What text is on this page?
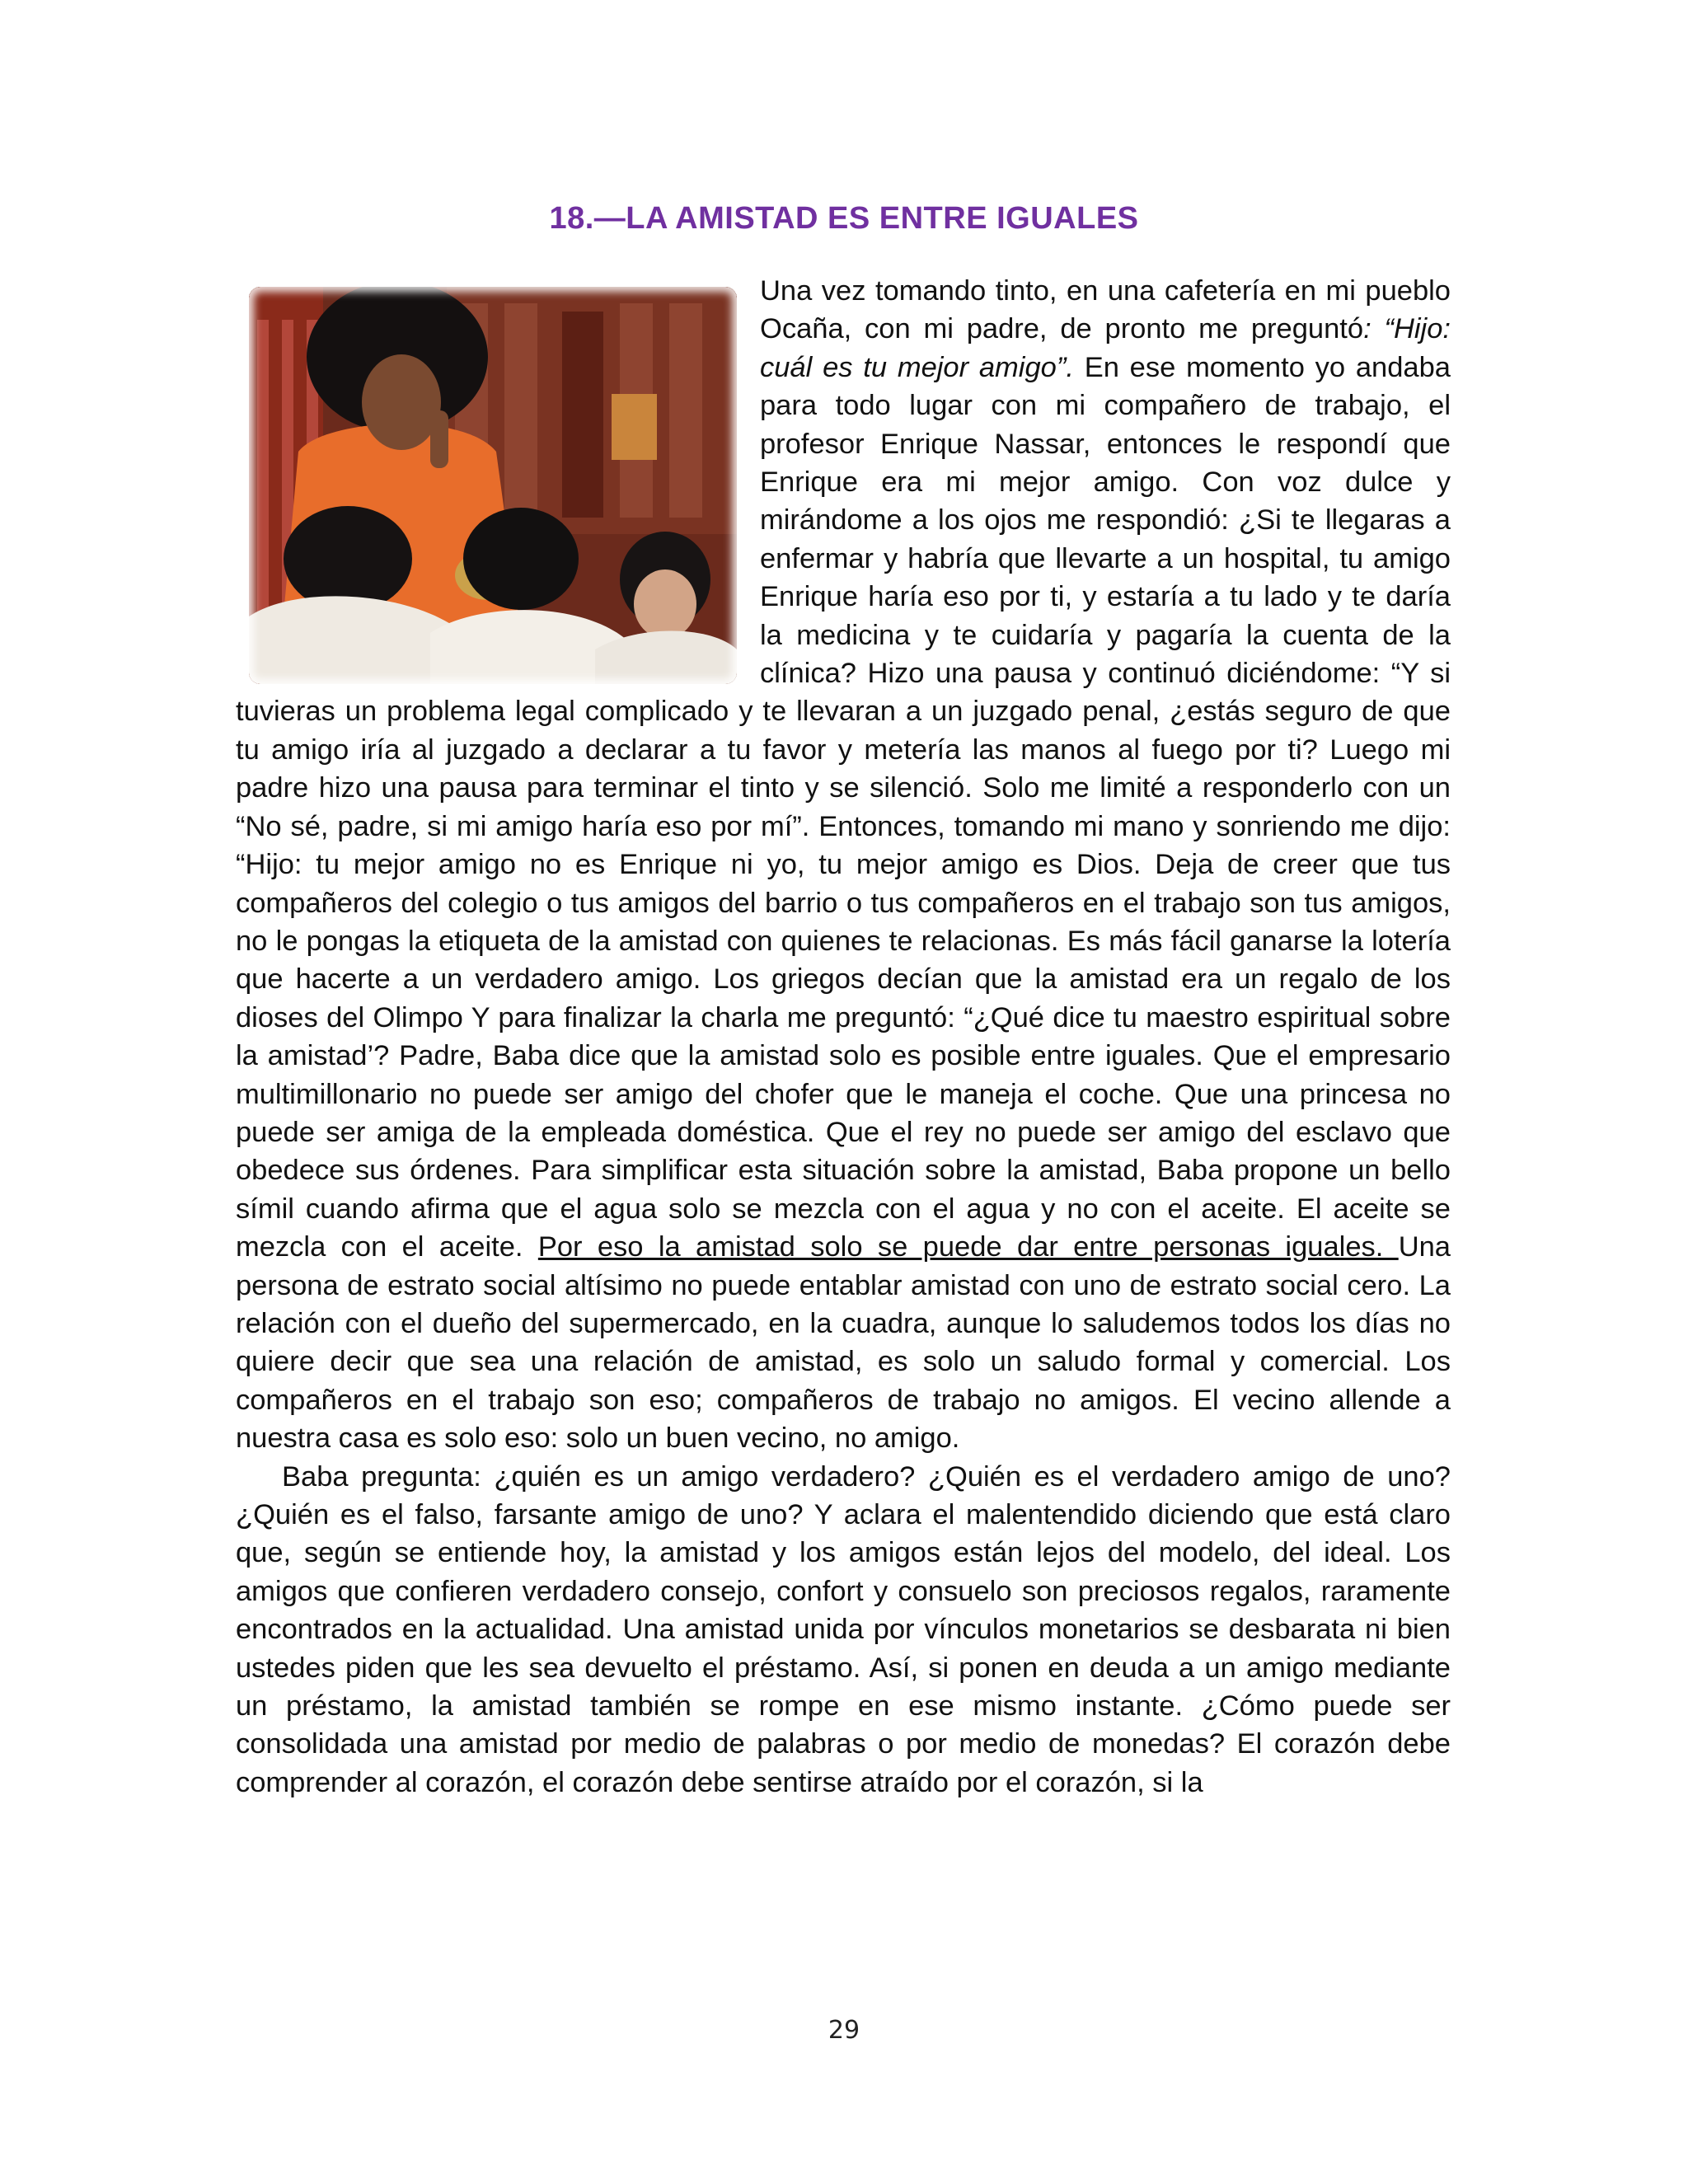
18.—LA AMISTAD ES ENTRE IGUALES

Una vez tomando tinto, en una cafetería en mi pueblo Ocaña, con mi padre, de pronto me preguntó: “Hijo: cuál es tu mejor amigo”. En ese momento yo andaba para todo lugar con mi compañero de trabajo, el profesor Enrique Nassar, entonces le respondí que Enrique era mi mejor amigo. Con voz dulce y mirándome a los ojos me respondió: ¿Si te llegaras a enfermar y habría que llevarte a un hospital, tu amigo Enrique haría eso por ti, y estaría a tu lado y te daría la medicina y te cuidaría y pagaría la cuenta de la clínica? Hizo una pausa y continuó diciéndome: “Y si tuvieras un problema legal complicado y te llevaran a un juzgado penal, ¿estás seguro de que tu amigo iría al juzgado a declarar a tu favor y metería las manos al fuego por ti? Luego mi padre hizo una pausa para terminar el tinto y se silenció. Solo me limité a responderlo con un “No sé, padre, si mi amigo haría eso por mí”. Entonces, tomando mi mano y sonriendo me dijo: “Hijo: tu mejor amigo no es Enrique ni yo, tu mejor amigo es Dios. Deja de creer que tus compañeros del colegio o tus amigos del barrio o tus compañeros en el trabajo son tus amigos, no le pongas la etiqueta de la amistad con quienes te relacionas. Es más fácil ganarse la lotería que hacerte a un verdadero amigo. Los griegos decían que la amistad era un regalo de los dioses del Olimpo Y para finalizar la charla me preguntó: “¿Qué dice tu maestro espiritual sobre la amistad’? Padre, Baba dice que la amistad solo es posible entre iguales. Que el empresario multimillonario no puede ser amigo del chofer que le maneja el coche. Que una princesa no puede ser amiga de la empleada doméstica. Que el rey no puede ser amigo del esclavo que obedece sus órdenes. Para simplificar esta situación sobre la amistad, Baba propone un bello símil cuando afirma que el agua solo se mezcla con el agua y no con el aceite. El aceite se mezcla con el aceite. Por eso la amistad solo se puede dar entre personas iguales. Una persona de estrato social altísimo no puede entablar amistad con uno de estrato social cero. La relación con el dueño del supermercado, en la cuadra, aunque lo saludemos todos los días no quiere decir que sea una relación de amistad, es solo un saludo formal y comercial. Los compañeros en el trabajo son eso; compañeros de trabajo no amigos. El vecino allende a nuestra casa es solo eso: solo un buen vecino, no amigo.

Baba pregunta: ¿quién es un amigo verdadero? ¿Quién es el verdadero amigo de uno? ¿Quién es el falso, farsante amigo de uno? Y aclara el malentendido diciendo que está claro que, según se entiende hoy, la amistad y los amigos están lejos del modelo, del ideal. Los amigos que confieren verdadero consejo, confort y consuelo son preciosos regalos, raramente encontrados en la actualidad. Una amistad unida por vínculos monetarios se desbarata ni bien ustedes piden que les sea devuelto el préstamo. Así, si ponen en deuda a un amigo mediante un préstamo, la amistad también se rompe en ese mismo instante. ¿Cómo puede ser consolidada una amistad por medio de palabras o por medio de monedas? El corazón debe comprender al corazón, el corazón debe sentirse atraído por el corazón, si la

29
